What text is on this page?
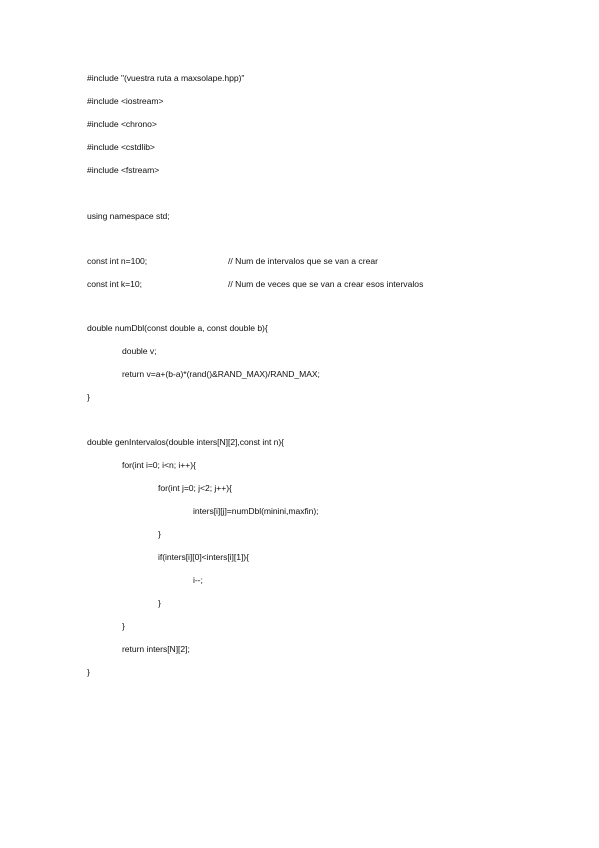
#include "(vuestra ruta a maxsolape.hpp)"
#include <iostream>
#include <chrono>
#include <cstdlib>
#include <fstream>
using namespace std;
const int n=100;	// Num de intervalos que se van a crear
const int k=10;	// Num de veces que se van a crear esos intervalos
double numDbl(const double a, const double b){
double v;
return v=a+(b-a)*(rand()&RAND_MAX)/RAND_MAX;
}
double genIntervalos(double inters[N][2],const int n){
for(int i=0; i<n; i++){
for(int j=0; j<2; j++){
inters[i][j]=numDbl(minini,maxfin);
}
if(inters[i][0]<inters[i][1]){
i--;
}
}
return inters[N][2];
}
